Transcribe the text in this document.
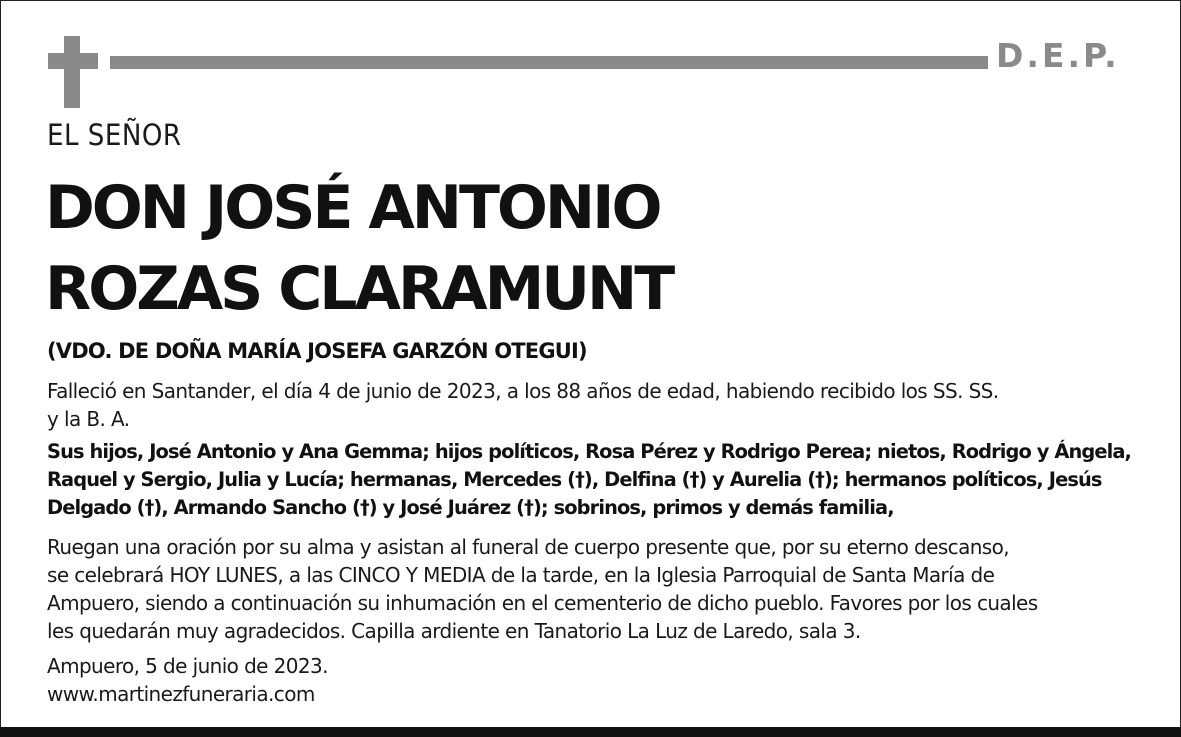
D.E.P.
EL SEÑOR
DON JOSÉ ANTONIO
ROZAS CLARAMUNT
(VDO. DE DOÑA MARÍA JOSEFA GARZÓN OTEGUI)
Falleció en Santander, el día 4 de junio de 2023, a los 88 años de edad, habiendo recibido los SS. SS.
y la B. A.
Sus hijos, José Antonio y Ana Gemma; hijos políticos, Rosa Pérez y Rodrigo Perea; nietos, Rodrigo y Ángela,
Raquel y Sergio, Julia y Lucía; hermanas, Mercedes (†), Delfina (†) y Aurelia (†); hermanos políticos, Jesús
Delgado (†), Armando Sancho (†) y José Juárez (†); sobrinos, primos y demás familia,
Ruegan una oración por su alma y asistan al funeral de cuerpo presente que, por su eterno descanso,
se celebrará HOY LUNES, a las CINCO Y MEDIA de la tarde, en la Iglesia Parroquial de Santa María de
Ampuero, siendo a continuación su inhumación en el cementerio de dicho pueblo. Favores por los cuales
les quedarán muy agradecidos. Capilla ardiente en Tanatorio La Luz de Laredo, sala 3.
Ampuero, 5 de junio de 2023.
www.martinezfuneraria.com
